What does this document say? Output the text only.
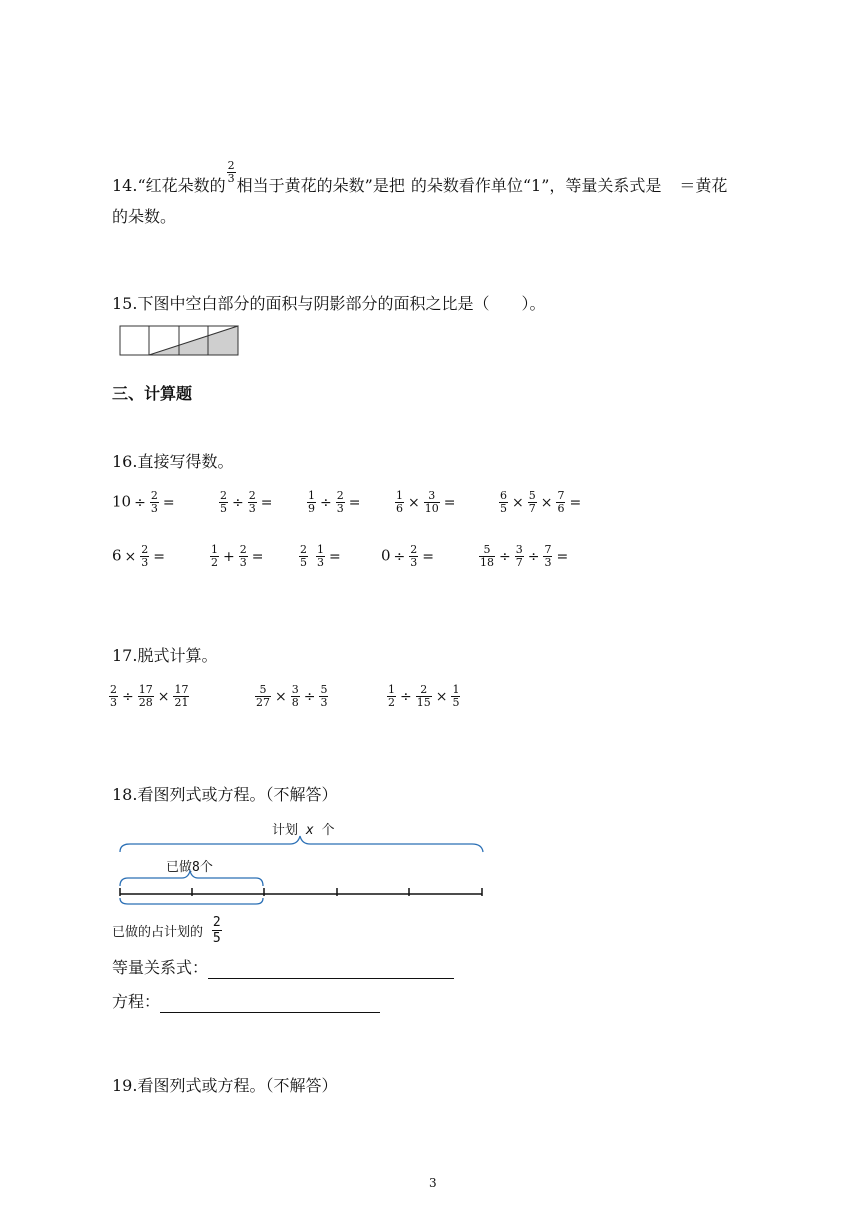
14.“红花朵数的
$\frac{2}{3}$
相当于黄花的朵数”是把 的朵数看作单位“1”，等量关系式是 ＝黄花
的朵数。
15.下图中空白部分的面积与阴影部分的面积之比是（　　）。
三、计算题
16.直接写得数。
$10 \div \frac{2}{3}$ =	$\frac{2}{5} \div \frac{2}{3}$ =	$\frac{1}{9} \div \frac{2}{3}$ =	$\frac{1}{6} \times \frac{3}{10}$ =	$\frac{6}{5} \times \frac{5}{7} \times \frac{7}{6}$ =
$6 \times \frac{2}{3}$ =	$\frac{1}{2} + \frac{2}{3}$ =	$\frac{2}{5} \frac{1}{3}$ =	$0 \div \frac{2}{3}$ =	$\frac{5}{18} \div \frac{3}{7} \div \frac{7}{3}$ =
17.脱式计算。
$\frac{2}{3} \div \frac{17}{28} \times \frac{17}{21}$	$\frac{5}{27} \times \frac{3}{8} \div \frac{5}{3}$	$\frac{1}{2} \div \frac{2}{15} \times \frac{1}{5}$
18.看图列式或方程。（不解答）
计划 x 个
已做8个
已做的占计划的 $\frac{2}{5}$
等量关系式：
方程：
19.看图列式或方程。（不解答）
3
